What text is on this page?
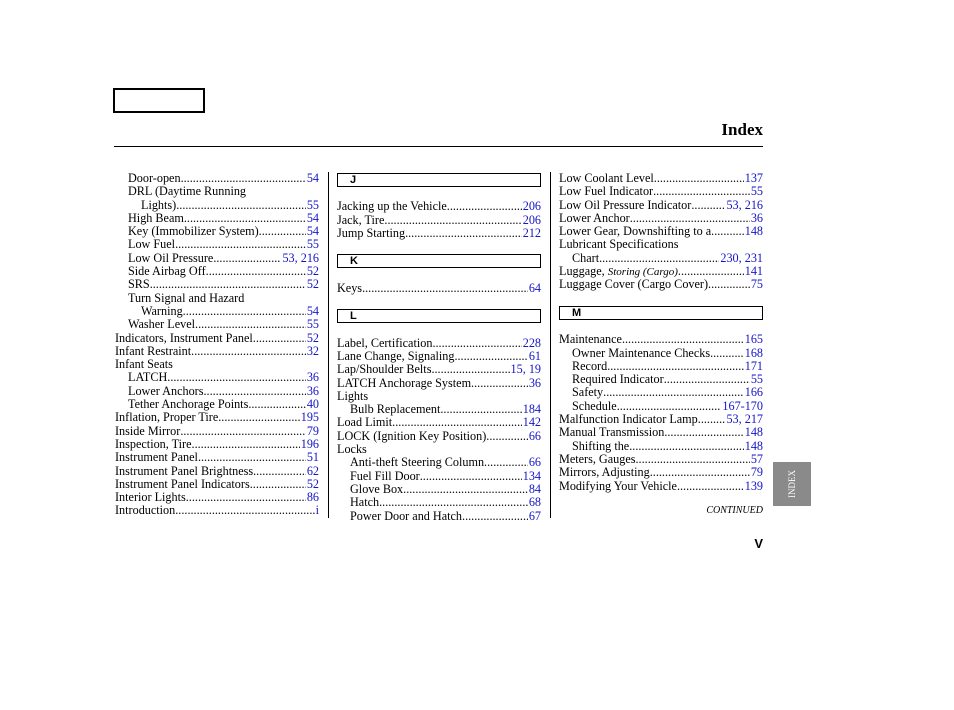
Index
Door-open .....	54
DRL (Daytime Running
Lights) .....	55
High Beam .....	54
Key (Immobilizer System) .....	54
Low Fuel .....	55
Low Oil Pressure .....	53, 216
Side Airbag Off .....	52
SRS .....	52
Turn Signal and Hazard
Warning .....	54
Washer Level .....	55
Indicators, Instrument Panel .....	52
Infant Restraint .....	32
Infant Seats
LATCH .....	36
Lower Anchors .....	36
Tether Anchorage Points .....	40
Inflation, Proper Tire .....	195
Inside Mirror .....	79
Inspection, Tire .....	196
Instrument Panel .....	51
Instrument Panel Brightness .....	62
Instrument Panel Indicators .....	52
Interior Lights .....	86
Introduction .....	i
J
Jacking up the Vehicle .....	206
Jack, Tire .....	206
Jump Starting .....	212
K
Keys .....	64
L
Label, Certification .....	228
Lane Change, Signaling .....	61
Lap/Shoulder Belts .....	15, 19
LATCH Anchorage System .....	36
Lights
Bulb Replacement .....	184
Load Limit .....	142
LOCK (Ignition Key Position) .....	66
Locks
Anti-theft Steering Column .....	66
Fuel Fill Door .....	134
Glove Box .....	84
Hatch .....	68
Power Door and Hatch .....	67
Low Coolant Level .....	137
Low Fuel Indicator .....	55
Low Oil Pressure Indicator .....	53, 216
Lower Anchor .....	36
Lower Gear, Downshifting to a .....	148
Lubricant Specifications
Chart .....	230, 231
Luggage, Storing (Cargo) .....	141
Luggage Cover (Cargo Cover) .....	75
M
Maintenance .....	165
Owner Maintenance Checks .....	168
Record .....	171
Required Indicator .....	55
Safety .....	166
Schedule .....	167-170
Malfunction Indicator Lamp ..... 53, 217
Manual Transmission .....	148
Shifting the .....	148
Meters, Gauges .....	57
Mirrors, Adjusting .....	79
Modifying Your Vehicle .....	139
CONTINUED
V
INDEX
